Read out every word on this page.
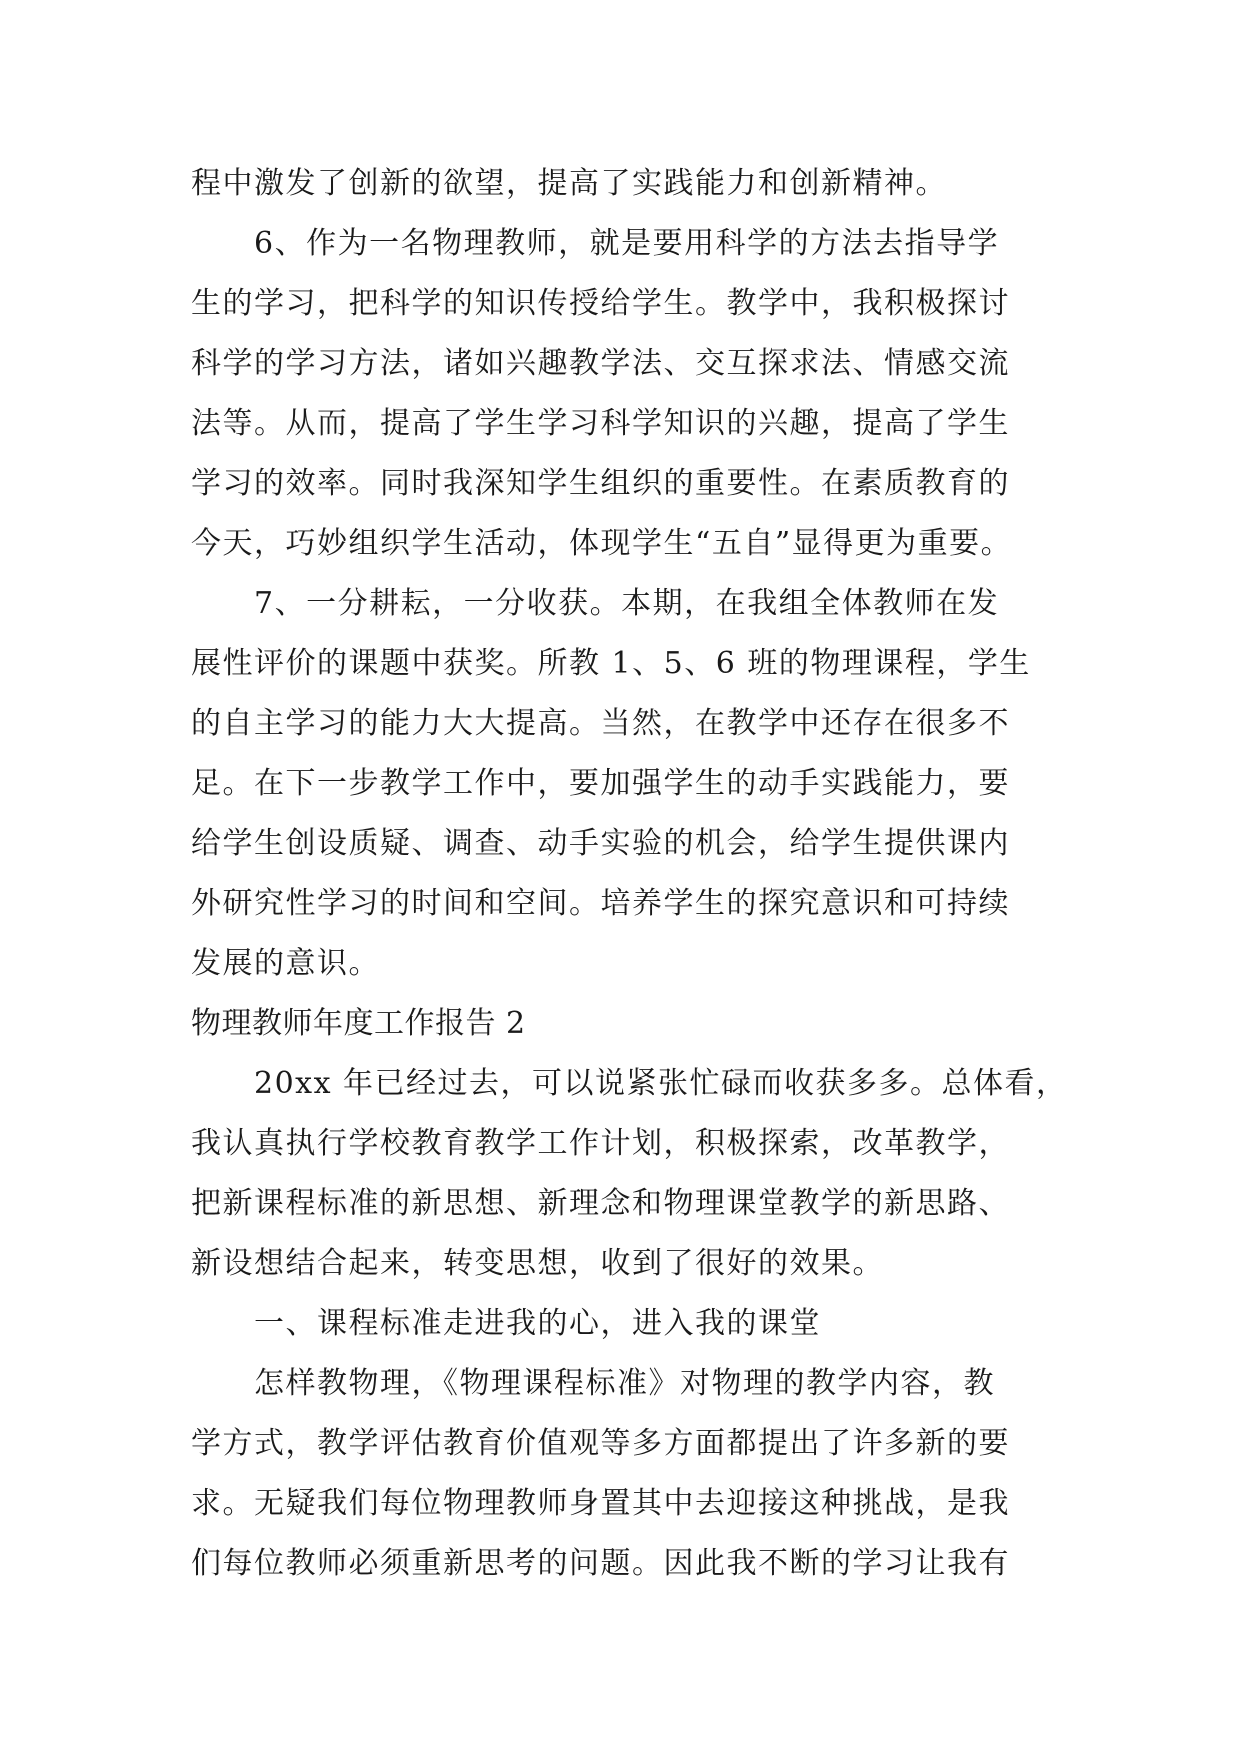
程中激发了创新的欲望，提高了实践能力和创新精神。
6、作为一名物理教师，就是要用科学的方法去指导学
生的学习，把科学的知识传授给学生。教学中，我积极探讨
科学的学习方法，诸如兴趣教学法、交互探求法、情感交流
法等。从而，提高了学生学习科学知识的兴趣，提高了学生
学习的效率。同时我深知学生组织的重要性。在素质教育的
今天，巧妙组织学生活动，体现学生“五自”显得更为重要。
7、一分耕耘，一分收获。本期，在我组全体教师在发
展性评价的课题中获奖。所教 1、5、6 班的物理课程，学生
的自主学习的能力大大提高。当然，在教学中还存在很多不
足。在下一步教学工作中，要加强学生的动手实践能力，要
给学生创设质疑、调查、动手实验的机会，给学生提供课内
外研究性学习的时间和空间。培养学生的探究意识和可持续
发展的意识。
物理教师年度工作报告 2
20xx 年已经过去，可以说紧张忙碌而收获多多。总体看，
我认真执行学校教育教学工作计划，积极探索，改革教学，
把新课程标准的新思想、新理念和物理课堂教学的新思路、
新设想结合起来，转变思想，收到了很好的效果。
一、课程标准走进我的心，进入我的课堂
怎样教物理，《物理课程标准》对物理的教学内容，教
学方式，教学评估教育价值观等多方面都提出了许多新的要
求。无疑我们每位物理教师身置其中去迎接这种挑战，是我
们每位教师必须重新思考的问题。因此我不断的学习让我有
